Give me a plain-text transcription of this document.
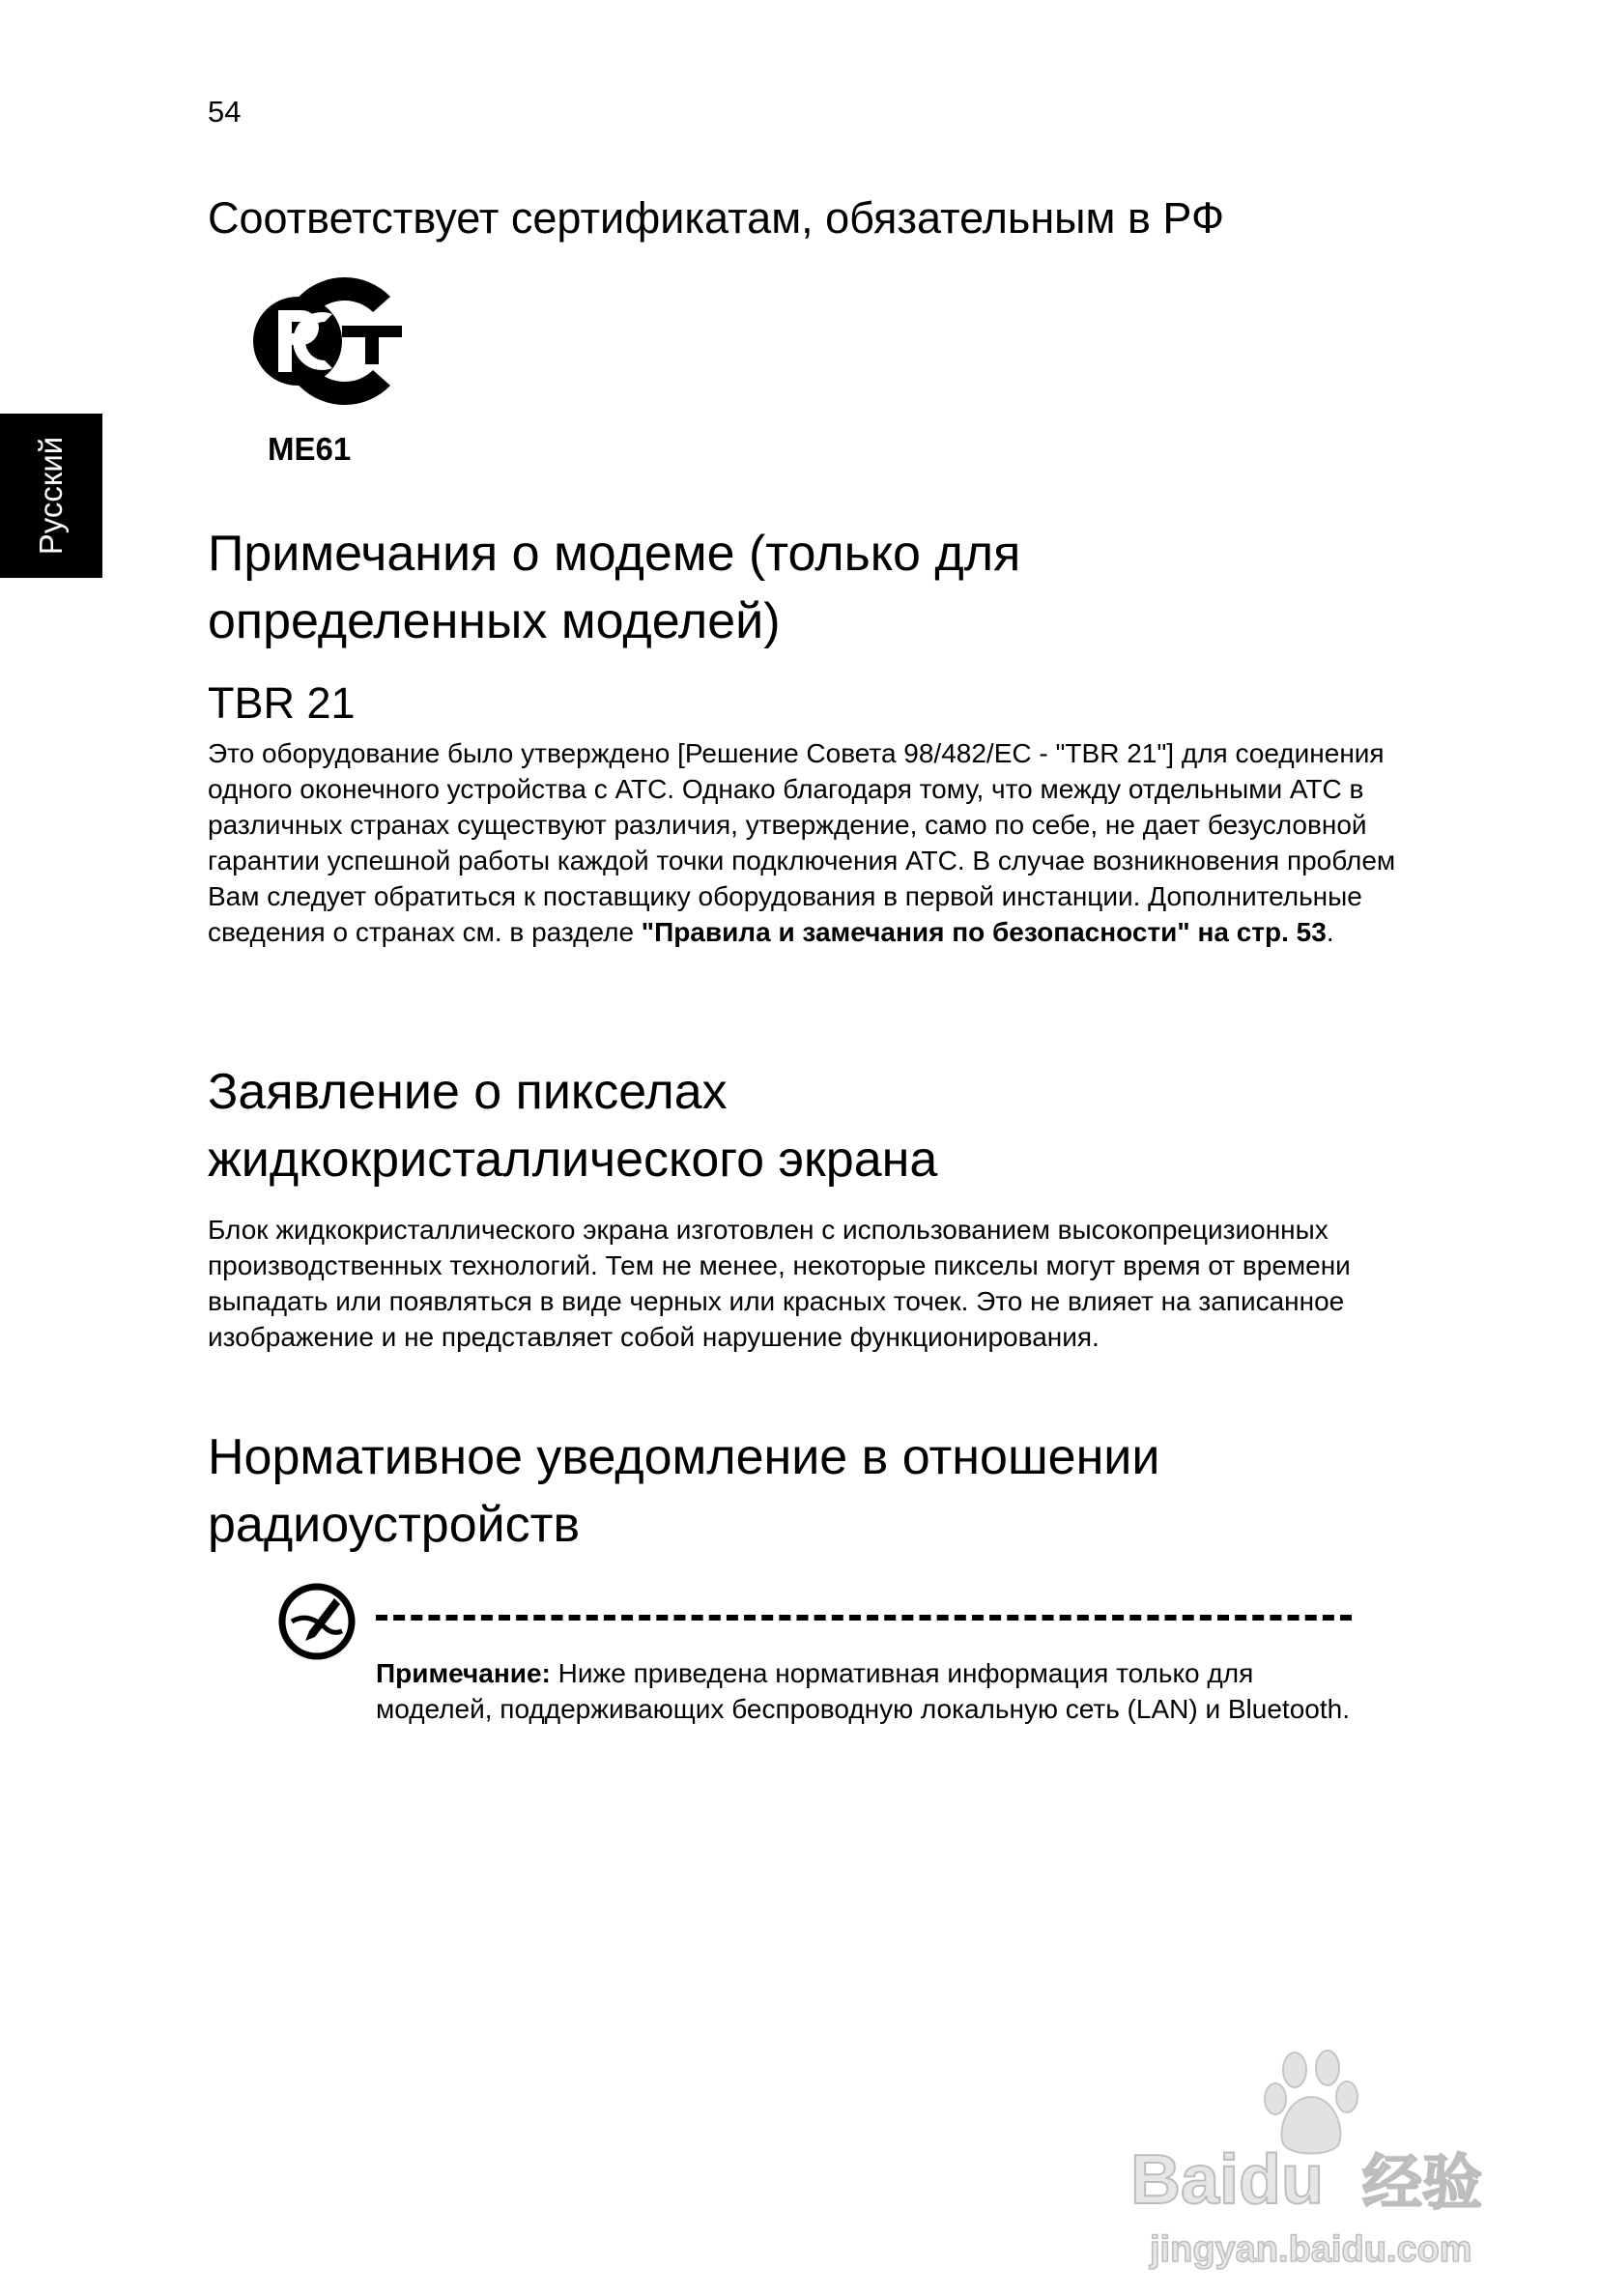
54
Русский
Соответствует сертификатам, обязательным в РФ
ME61
Примечания о модеме (только для
определенных моделей)
TBR 21
Это оборудование было утверждено [Решение Совета 98/482/EC - "TBR 21"] для соединения одного оконечного устройства с АТС. Однако благодаря тому, что между отдельными АТС в различных странах существуют различия, утверждение, само по себе, не дает безусловной гарантии успешной работы каждой точки подключения АТС. В случае возникновения проблем Вам следует обратиться к поставщику оборудования в первой инстанции. Дополнительные сведения о странах см. в разделе "Правила и замечания по безопасности" на стр. 53.
Заявление о пикселах
жидкокристаллического экрана
Блок жидкокристаллического экрана изготовлен с использованием высокопрецизионных производственных технологий. Тем не менее, некоторые пикселы могут время от времени выпадать или появляться в виде черных или красных точек. Это не влияет на записанное изображение и не представляет собой нарушение функционирования.
Нормативное уведомление в отношении
радиоустройств
Примечание: Ниже приведена нормативная информация только для моделей, поддерживающих беспроводную локальную сеть (LAN) и Bluetooth.
Baidu 经验
jingyan.baidu.com
